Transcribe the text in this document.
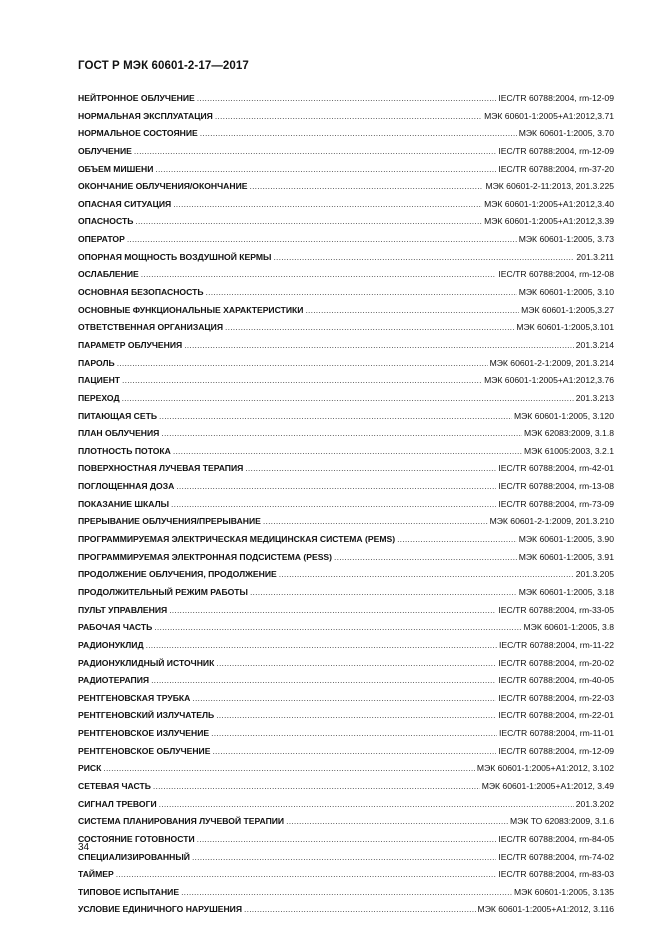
ГОСТ Р МЭК 60601-2-17—2017
НЕЙТРОННОЕ ОБЛУЧЕНИЕ .....	IEC/TR 60788:2004, rm-12-09
НОРМАЛЬНАЯ ЭКСПЛУАТАЦИЯ .....	МЭК 60601-1:2005+A1:2012,3.71
НОРМАЛЬНОЕ СОСТОЯНИЕ .....	МЭК 60601-1:2005, 3.70
ОБЛУЧЕНИЕ .....	IEC/TR 60788:2004, rm-12-09
ОБЪЕМ МИШЕНИ .....	IEC/TR 60788:2004, rm-37-20
ОКОНЧАНИЕ ОБЛУЧЕНИЯ/ОКОНЧАНИЕ .....	МЭК 60601-2-11:2013, 201.3.225
ОПАСНАЯ СИТУАЦИЯ .....	МЭК 60601-1:2005+A1:2012,3.40
ОПАСНОСТЬ .....	МЭК 60601-1:2005+A1:2012,3.39
ОПЕРАТОР .....	МЭК 60601-1:2005, 3.73
ОПОРНАЯ МОЩНОСТЬ ВОЗДУШНОЙ КЕРМЫ .....	201.3.211
ОСЛАБЛЕНИЕ .....	IEC/TR 60788:2004, rm-12-08
ОСНОВНАЯ БЕЗОПАСНОСТЬ .....	МЭК 60601-1:2005, 3.10
ОСНОВНЫЕ ФУНКЦИОНАЛЬНЫЕ ХАРАКТЕРИСТИКИ .....	МЭК 60601-1:2005,3.27
ОТВЕТСТВЕННАЯ ОРГАНИЗАЦИЯ .....	МЭК 60601-1:2005,3.101
ПАРАМЕТР ОБЛУЧЕНИЯ .....	201.3.214
ПАРОЛЬ .....	МЭК 60601-2-1:2009, 201.3.214
ПАЦИЕНТ .....	МЭК 60601-1:2005+A1:2012,3.76
ПЕРЕХОД .....	201.3.213
ПИТАЮЩАЯ СЕТЬ .....	МЭК 60601-1:2005, 3.120
ПЛАН ОБЛУЧЕНИЯ .....	МЭК 62083:2009, 3.1.8
ПЛОТНОСТЬ ПОТОКА .....	МЭК 61005:2003, 3.2.1
ПОВЕРХНОСТНАЯ ЛУЧЕВАЯ ТЕРАПИЯ .....	IEC/TR 60788:2004, rm-42-01
ПОГЛОЩЕННАЯ ДОЗА .....	IEC/TR 60788:2004, rm-13-08
ПОКАЗАНИЕ ШКАЛЫ .....	IEC/TR 60788:2004, rm-73-09
ПРЕРЫВАНИЕ ОБЛУЧЕНИЯ/ПРЕРЫВАНИЕ .....	МЭК 60601-2-1:2009, 201.3.210
ПРОГРАММИРУЕМАЯ ЭЛЕКТРИЧЕСКАЯ МЕДИЦИНСКАЯ СИСТЕМА (PEMS) .....	МЭК 60601-1:2005, 3.90
ПРОГРАММИРУЕМАЯ ЭЛЕКТРОННАЯ ПОДСИСТЕМА (PESS) .....	МЭК 60601-1:2005, 3.91
ПРОДОЛЖЕНИЕ ОБЛУЧЕНИЯ, ПРОДОЛЖЕНИЕ .....	201.3.205
ПРОДОЛЖИТЕЛЬНЫЙ РЕЖИМ РАБОТЫ .....	МЭК 60601-1:2005, 3.18
ПУЛЬТ УПРАВЛЕНИЯ .....	IEC/TR 60788:2004, rm-33-05
РАБОЧАЯ ЧАСТЬ .....	МЭК 60601-1:2005, 3.8
РАДИОНУКЛИД .....	IEC/TR 60788:2004, rm-11-22
РАДИОНУКЛИДНЫЙ ИСТОЧНИК .....	IEC/TR 60788:2004, rm-20-02
РАДИОТЕРАПИЯ .....	IEC/TR 60788:2004, rm-40-05
РЕНТГЕНОВСКАЯ ТРУБКА .....	IEC/TR 60788:2004, rm-22-03
РЕНТГЕНОВСКИЙ ИЗЛУЧАТЕЛЬ .....	IEC/TR 60788:2004, rm-22-01
РЕНТГЕНОВСКОЕ ИЗЛУЧЕНИЕ .....	IEC/TR 60788:2004, rm-11-01
РЕНТГЕНОВСКОЕ ОБЛУЧЕНИЕ .....	IEC/TR 60788:2004, rm-12-09
РИСК .....	МЭК 60601-1:2005+A1:2012, 3.102
СЕТЕВАЯ ЧАСТЬ .....	МЭК 60601-1:2005+A1:2012, 3.49
СИГНАЛ ТРЕВОГИ .....	201.3.202
СИСТЕМА ПЛАНИРОВАНИЯ ЛУЧЕВОЙ ТЕРАПИИ .....	МЭК ТО 62083:2009, 3.1.6
СОСТОЯНИЕ ГОТОВНОСТИ .....	IEC/TR 60788:2004, rm-84-05
СПЕЦИАЛИЗИРОВАННЫЙ .....	IEC/TR 60788:2004, rm-74-02
ТАЙМЕР .....	IEC/TR 60788:2004, rm-83-03
ТИПОВОЕ ИСПЫТАНИЕ .....	МЭК 60601-1:2005, 3.135
УСЛОВИЕ ЕДИНИЧНОГО НАРУШЕНИЯ .....	МЭК 60601-1:2005+A1:2012, 3.116
34
